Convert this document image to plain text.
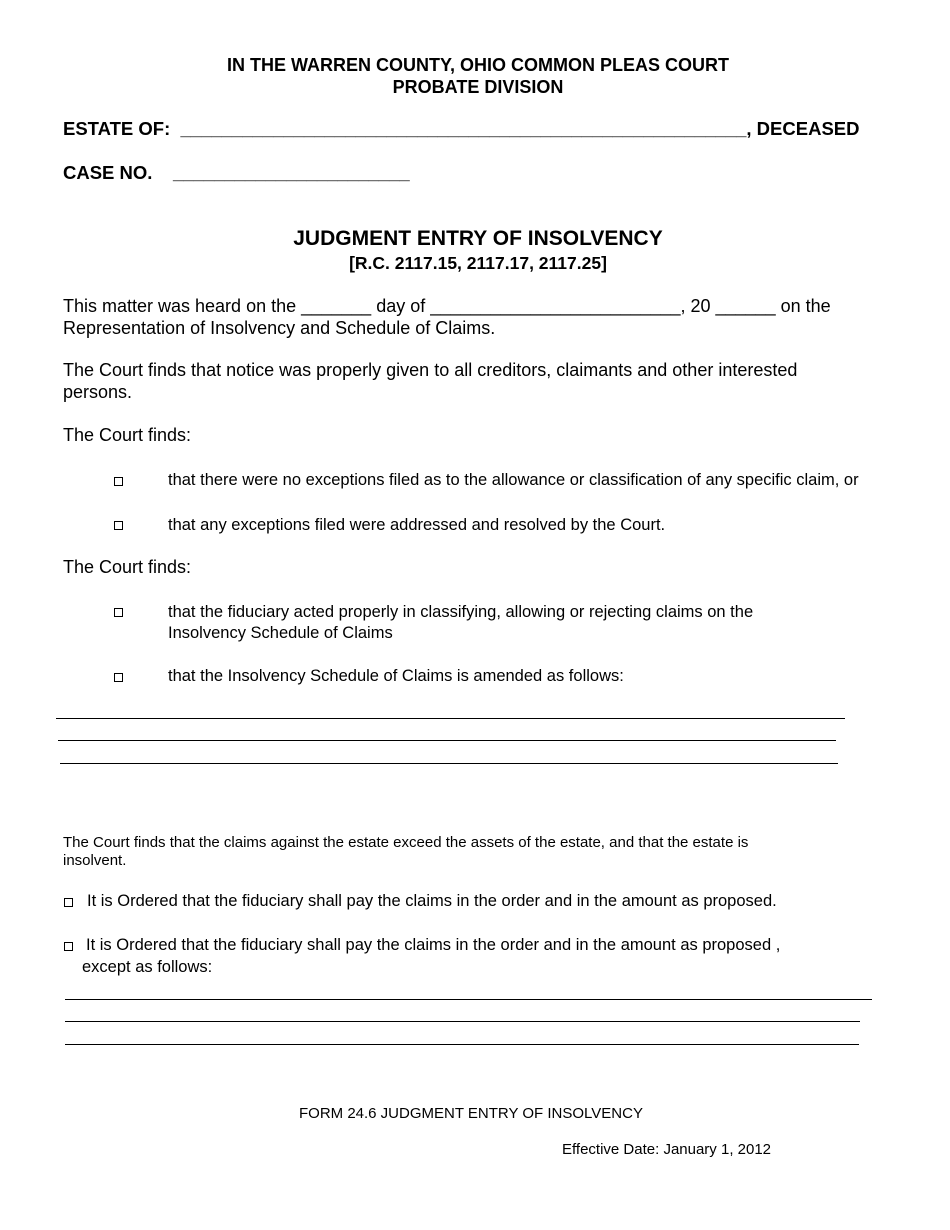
IN THE WARREN COUNTY, OHIO COMMON PLEAS COURT
PROBATE DIVISION
ESTATE OF: _______________________________________________________, DECEASED
CASE NO. _______________________
JUDGMENT ENTRY OF INSOLVENCY
[R.C. 2117.15, 2117.17, 2117.25]
This matter was heard on the _______ day of _________________________, 20 ______ on the
Representation of Insolvency and Schedule of Claims.
The Court finds that notice was properly given to all creditors, claimants and other interested
persons.
The Court finds:
that there were no exceptions filed as to the allowance or classification of any specific claim, or
that any exceptions filed were addressed and resolved by the Court.
The Court finds:
that the fiduciary acted properly in classifying, allowing or rejecting claims on the
Insolvency Schedule of Claims
that the Insolvency Schedule of Claims is amended as follows:
The Court finds that the claims against the estate exceed the assets of the estate, and that the estate is
insolvent.
It is Ordered that the fiduciary shall pay the claims in the order and in the amount as proposed.
It is Ordered that the fiduciary shall pay the claims in the order and in the amount as proposed ,
except as follows:
FORM 24.6 JUDGMENT ENTRY OF INSOLVENCY
Effective Date: January 1, 2012
